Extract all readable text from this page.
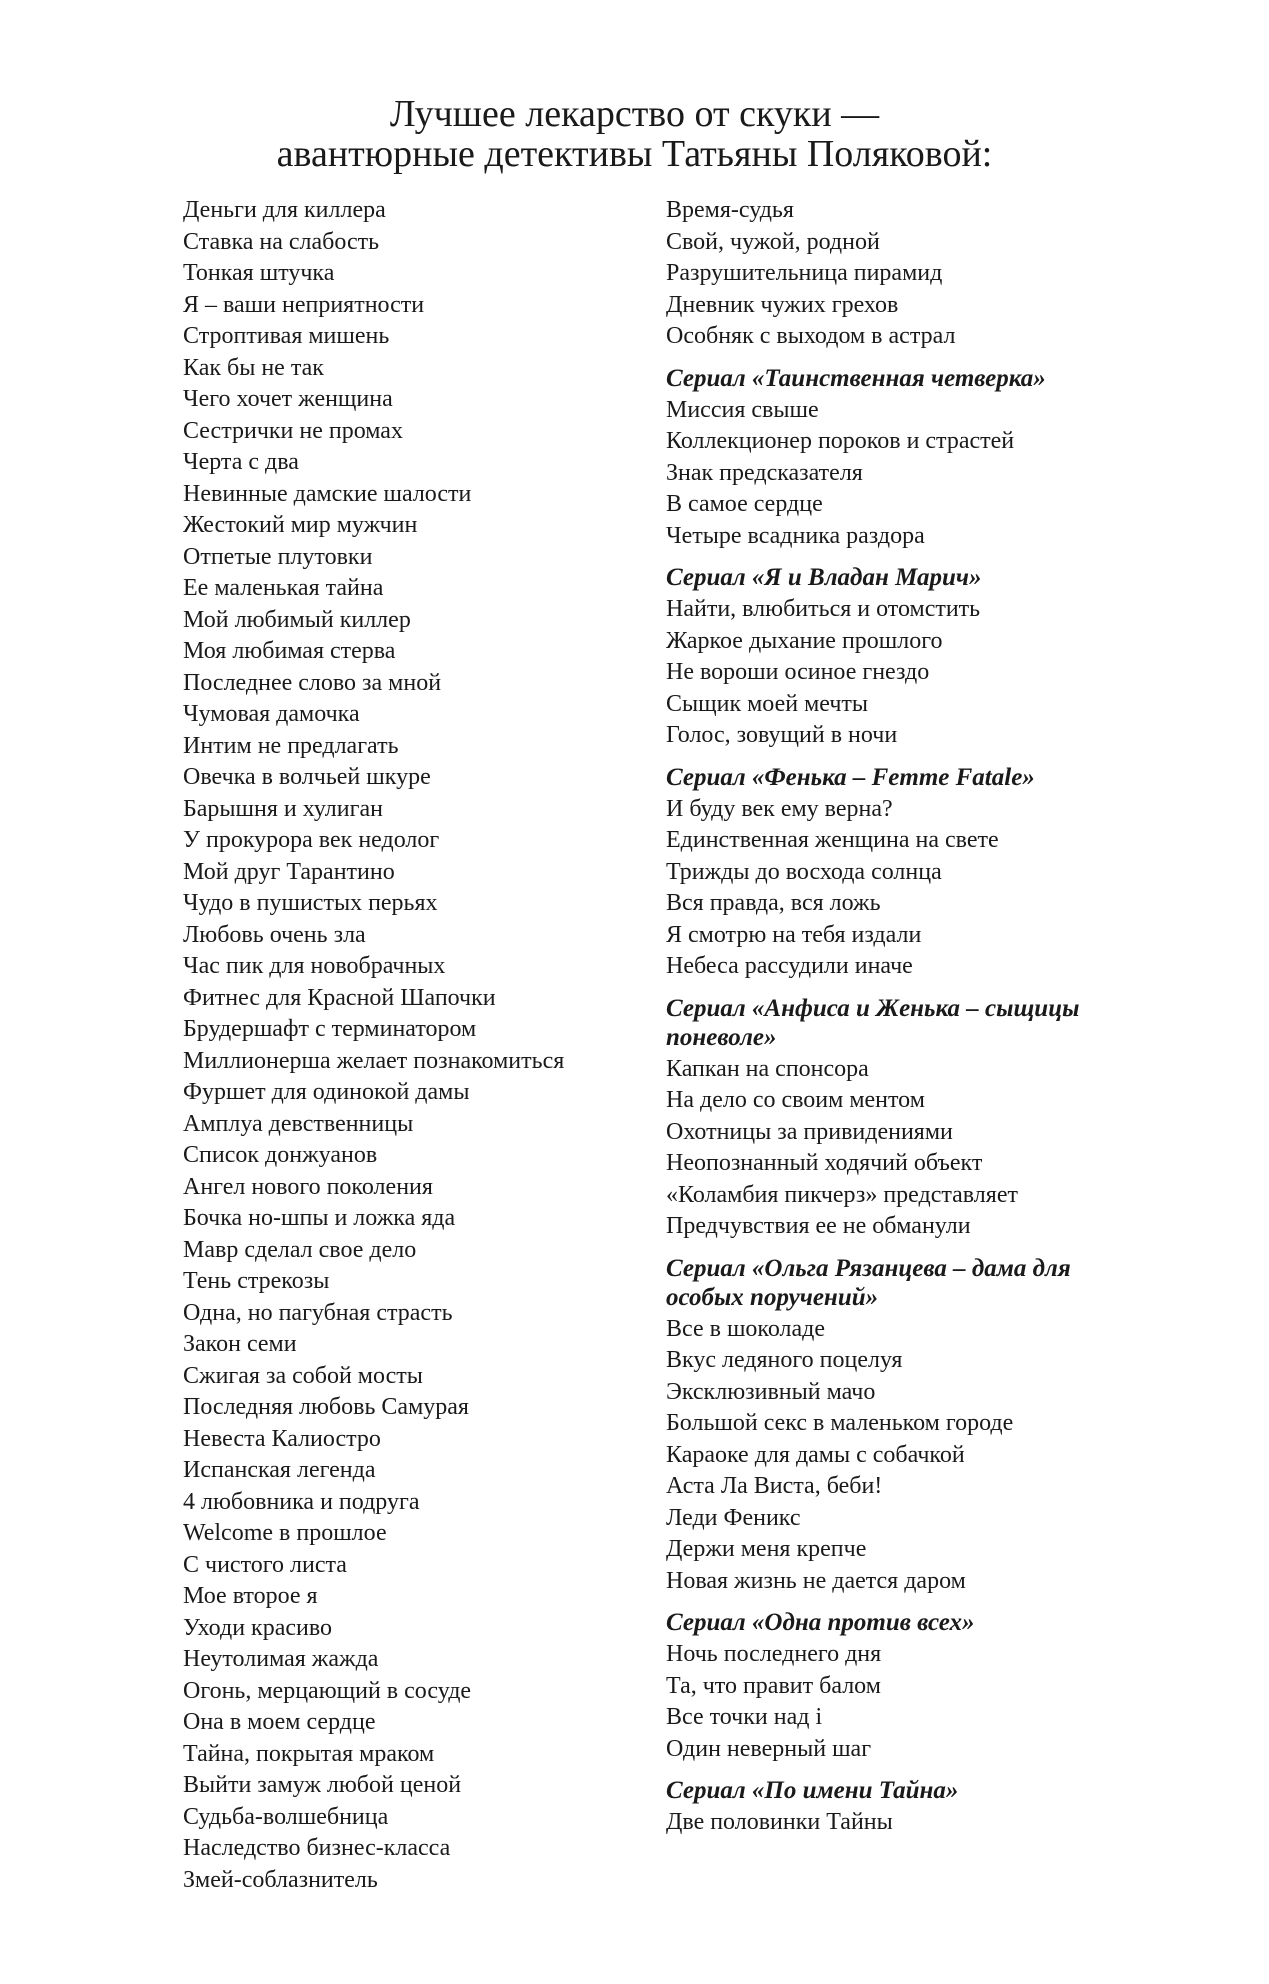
Лучшее лекарство от скуки —
авантюрные детективы Татьяны Поляковой:
Деньги для киллера
Ставка на слабость
Тонкая штучка
Я – ваши неприятности
Строптивая мишень
Как бы не так
Чего хочет женщина
Сестрички не промах
Черта с два
Невинные дамские шалости
Жестокий мир мужчин
Отпетые плутовки
Ее маленькая тайна
Мой любимый киллер
Моя любимая стерва
Последнее слово за мной
Чумовая дамочка
Интим не предлагать
Овечка в волчьей шкуре
Барышня и хулиган
У прокурора век недолог
Мой друг Тарантино
Чудо в пушистых перьях
Любовь очень зла
Час пик для новобрачных
Фитнес для Красной Шапочки
Брудершафт с терминатором
Миллионерша желает познакомиться
Фуршет для одинокой дамы
Амплуа девственницы
Список донжуанов
Ангел нового поколения
Бочка но-шпы и ложка яда
Мавр сделал свое дело
Тень стрекозы
Одна, но пагубная страсть
Закон семи
Сжигая за собой мосты
Последняя любовь Самурая
Невеста Калиостро
Испанская легенда
4 любовника и подруга
Welcome в прошлое
С чистого листа
Мое второе я
Уходи красиво
Неутолимая жажда
Огонь, мерцающий в сосуде
Она в моем сердце
Тайна, покрытая мраком
Выйти замуж любой ценой
Судьба-волшебница
Наследство бизнес-класса
Змей-соблазнитель
Время-судья
Свой, чужой, родной
Разрушительница пирамид
Дневник чужих грехов
Особняк с выходом в астрал
Сериал «Таинственная четверка»
Миссия свыше
Коллекционер пороков и страстей
Знак предсказателя
В самое сердце
Четыре всадника раздора
Сериал «Я и Владан Марич»
Найти, влюбиться и отомстить
Жаркое дыхание прошлого
Не вороши осиное гнездо
Сыщик моей мечты
Голос, зовущий в ночи
Сериал «Фенька – Femme Fatale»
И буду век ему верна?
Единственная женщина на свете
Трижды до восхода солнца
Вся правда, вся ложь
Я смотрю на тебя издали
Небеса рассудили иначе
Сериал «Анфиса и Женька – сыщицы поневоле»
Капкан на спонсора
На дело со своим ментом
Охотницы за привидениями
Неопознанный ходячий объект
«Коламбия пикчерз» представляет
Предчувствия ее не обманули
Сериал «Ольга Рязанцева – дама для особых поручений»
Все в шоколаде
Вкус ледяного поцелуя
Эксклюзивный мачо
Большой секс в маленьком городе
Караоке для дамы с собачкой
Аста Ла Виста, беби!
Леди Феникс
Держи меня крепче
Новая жизнь не дается даром
Сериал «Одна против всех»
Ночь последнего дня
Та, что правит балом
Все точки над i
Один неверный шаг
Сериал «По имени Тайна»
Две половинки Тайны
